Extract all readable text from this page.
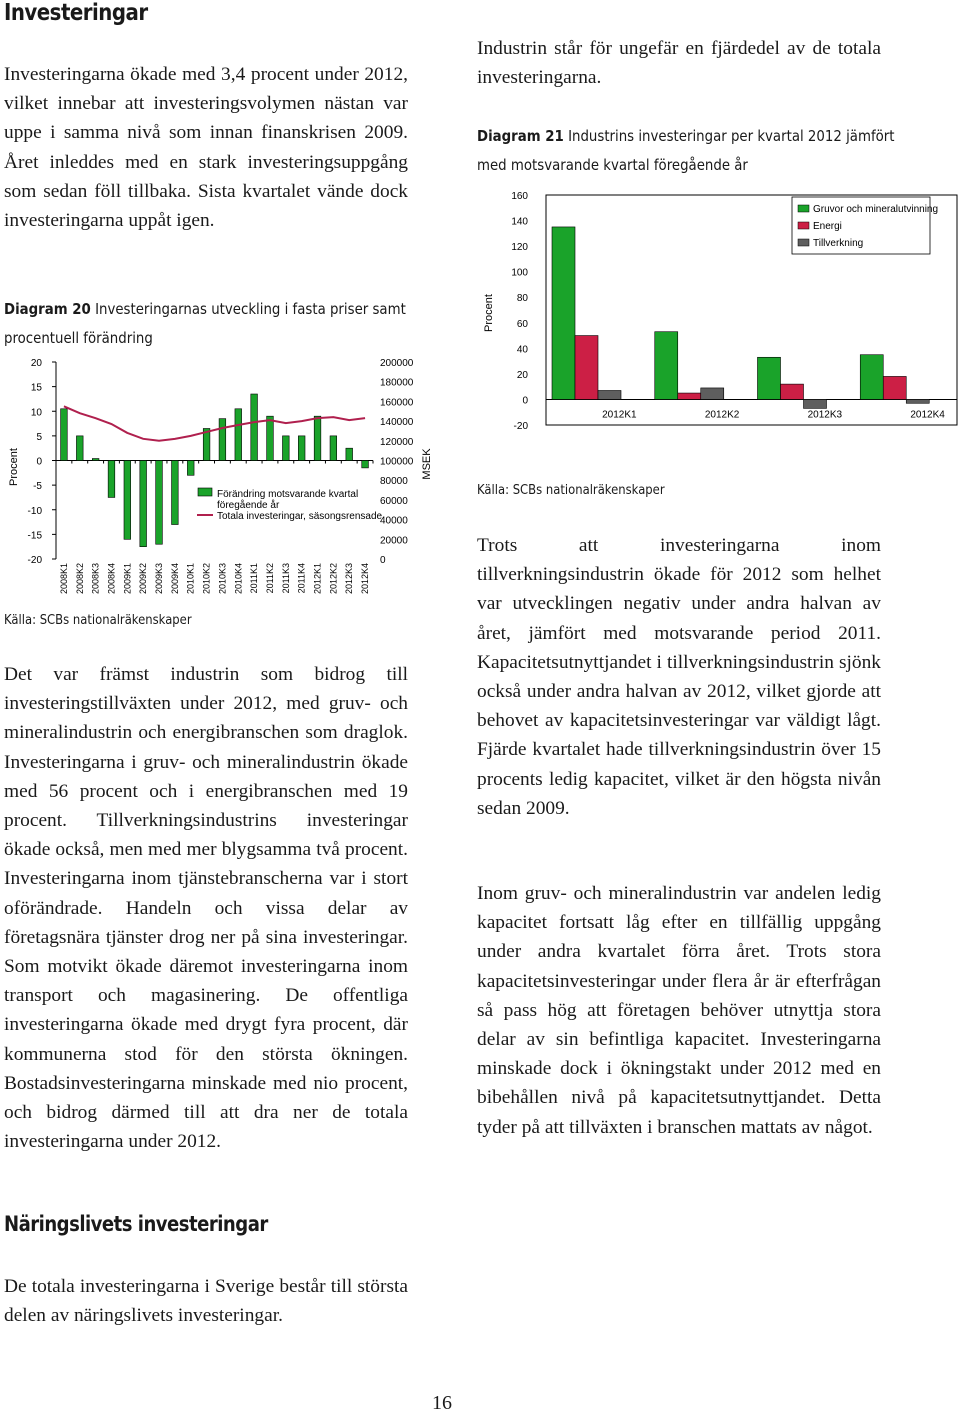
Investeringar

Investeringarna ökade med 3,4 procent under 2012, vilket innebar att investeringsvolymen nästan var uppe i samma nivå som innan finanskrisen 2009. Året inleddes med en stark investeringsuppgång som sedan föll tillbaka. Sista kvartalet vände dock investeringarna uppåt igen.

Diagram 20 Investeringarnas utveckling i fasta priser samt
procentuell förändring
20
15
10
5
0
-5
-10
-15
-20
200000
180000
160000
140000
120000
100000
80000
60000
40000
20000
0
2008K1 2008K2 2008K3 2008K4 2009K1 2009K2 2009K3 2009K4 2010K1 2010K2 2010K3 2010K4 2011K1 2011K2 2011K3 2011K4 2012K1 2012K2 2012K3 2012K4
Förändring motsvarande kvartal
föregående år
Totala investeringar, säsongsrensade
Procent	MSEK
Källa: SCBs nationalräkenskaper

Det var främst industrin som bidrog till investeringstillväxten under 2012, med gruv- och mineralindustrin och energibranschen som draglok. Investeringarna i gruv- och mineralindustrin ökade med 56 procent och i energibranschen med 19 procent. Tillverkningsindustrins investeringar ökade också, men med mer blygsamma två procent. Investeringarna inom tjänstebranscherna var i stort oförändrade. Handeln och vissa delar av företagsnära tjänster drog ner på sina investeringar. Som motvikt ökade däremot investeringarna inom transport och magasinering. De offentliga investeringarna ökade med drygt fyra procent, där kommunerna stod för den största ökningen. Bostadsinvesteringarna minskade med nio procent, och bidrog därmed till att dra ner de totala investeringarna under 2012.

Näringslivets investeringar

De totala investeringarna i Sverige består till största delen av näringslivets investeringar.

Industrin står för ungefär en fjärdedel av de totala investeringarna.

Diagram 21 Industrins investeringar per kvartal 2012 jämfört
med motsvarande kvartal föregående år
160
140
120
100
80
60
40
20
0
-20
2012K1	2012K2	2012K3	2012K4
Gruvor och mineralutvinning
Energi
Tillverkning
Procent
Källa: SCBs nationalräkenskaper

Trots att investeringarna inom tillverkningsindustrin ökade för 2012 som helhet var utvecklingen negativ under andra halvan av året, jämfört med motsvarande period 2011. Kapacitetsutnyttjandet i tillverkningsindustrin sjönk också under andra halvan av 2012, vilket gjorde att behovet av kapacitetsinvesteringar var väldigt lågt. Fjärde kvartalet hade tillverkningsindustrin över 15 procents ledig kapacitet, vilket är den högsta nivån sedan 2009.

Inom gruv- och mineralindustrin var andelen ledig kapacitet fortsatt låg efter en tillfällig uppgång under andra kvartalet förra året. Trots stora kapacitetsinvesteringar under flera år är efterfrågan så pass hög att företagen behöver utnyttja stora delar av sin befintliga kapacitet. Investeringarna minskade dock i ökningstakt under 2012 med en bibehållen nivå på kapacitetsutnyttjandet. Detta tyder på att tillväxten i branschen mattats av något.

16
